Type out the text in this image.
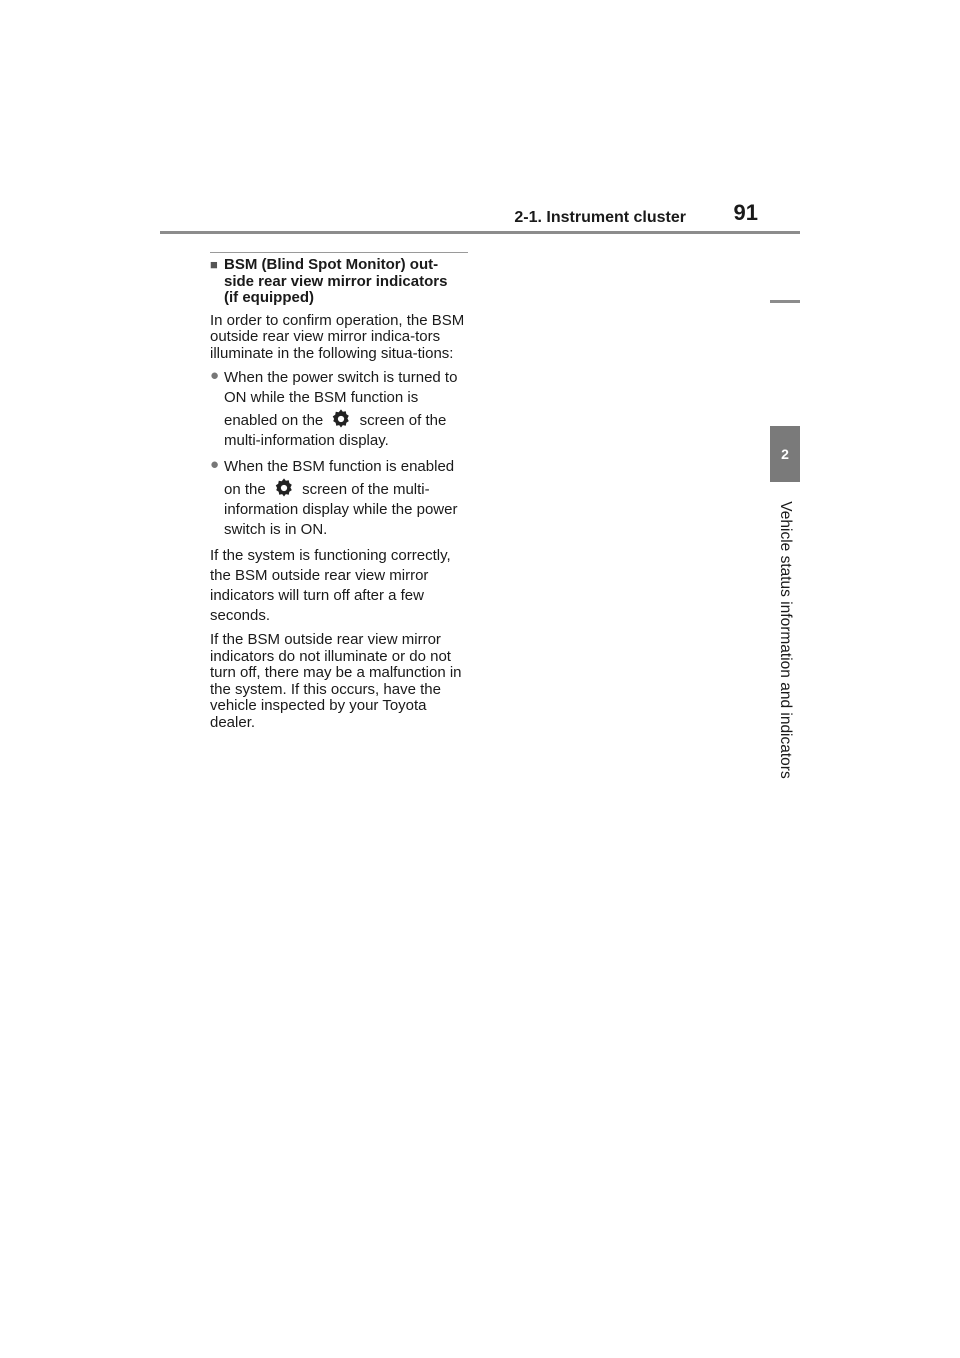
2-1. Instrument cluster 91
2
Vehicle status information and indicators
■ BSM (Blind Spot Monitor) out-
side rear view mirror indicators
(if equipped)

In order to confirm operation, the BSM outside rear view mirror indica-tors illuminate in the following situa-tions:

● When the power switch is turned to ON while the BSM function is enabled on the screen of the multi-information display.
● When the BSM function is enabled on the screen of the multi-information display while the power switch is in ON.

If the system is functioning correctly, the BSM outside rear view mirror indicators will turn off after a few seconds.

If the BSM outside rear view mirror indicators do not illuminate or do not turn off, there may be a malfunction in the system. If this occurs, have the vehicle inspected by your Toyota dealer.
